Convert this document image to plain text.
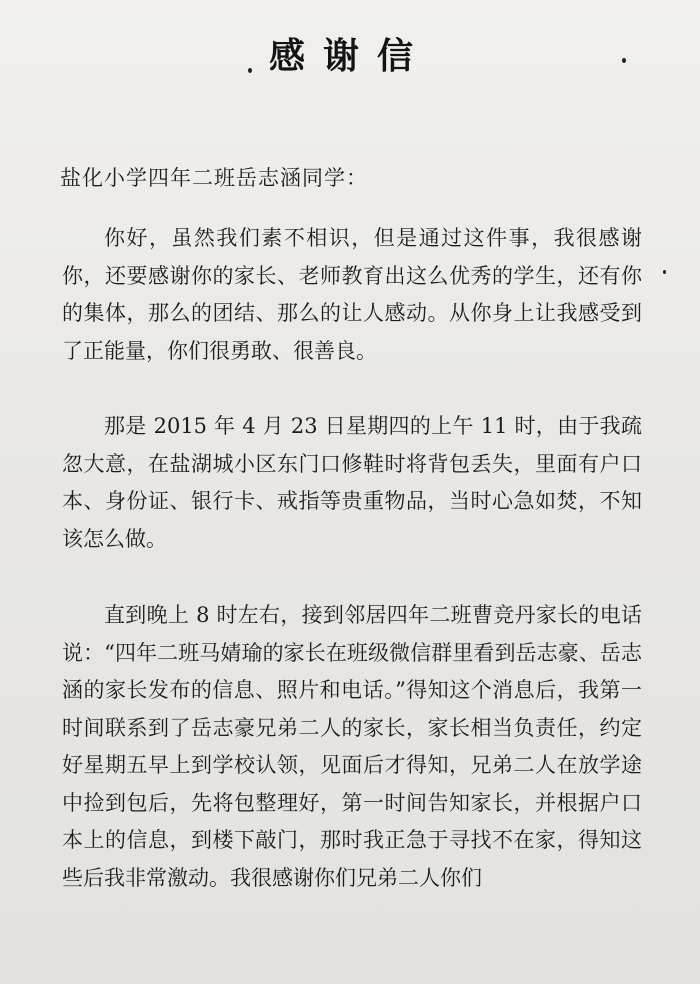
感谢信
盐化小学四年二班岳志涵同学：

你好，虽然我们素不相识，但是通过这件事，我很感谢你，还要感谢你的家长、老师教育出这么优秀的学生，还有你的集体，那么的团结、那么的让人感动。从你身上让我感受到了正能量，你们很勇敢、很善良。

那是 2015 年 4 月 23 日星期四的上午 11 时，由于我疏忽大意，在盐湖城小区东门口修鞋时将背包丢失，里面有户口本、身份证、银行卡、戒指等贵重物品，当时心急如焚，不知该怎么做。

直到晚上 8 时左右，接到邻居四年二班曹竞丹家长的电话说：“四年二班马婧瑜的家长在班级微信群里看到岳志豪、岳志涵的家长发布的信息、照片和电话。”得知这个消息后，我第一时间联系到了岳志豪兄弟二人的家长，家长相当负责任，约定好星期五早上到学校认领，见面后才得知，兄弟二人在放学途中捡到包后，先将包整理好，第一时间告知家长，并根据户口本上的信息，到楼下敲门，那时我正急于寻找不在家，得知这些后我非常激动。我很感谢你们兄弟二人你们
